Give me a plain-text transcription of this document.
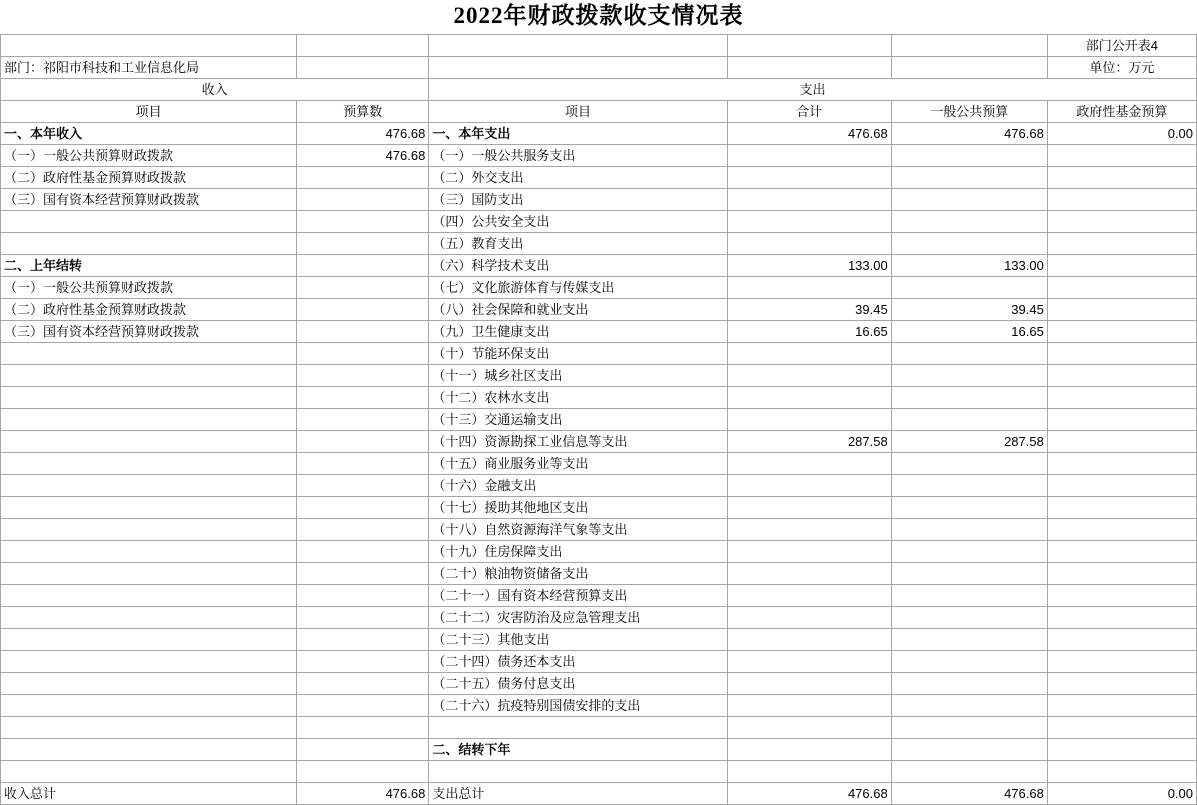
2022年财政拨款收支情况表
					部门公开表4
部门：祁阳市科技和工业信息化局					单位：万元
收入		支出			
项目	预算数	项目	合计	一般公共预算	政府性基金预算
一、本年收入	476.68	一、本年支出	476.68	476.68	0.00
（一）一般公共预算财政拨款	476.68	（一）一般公共服务支出			
（二）政府性基金预算财政拨款		（二）外交支出			
（三）国有资本经营预算财政拨款		（三）国防支出			
		（四）公共安全支出			
		（五）教育支出			
二、上年结转		（六）科学技术支出	133.00	133.00	
（一）一般公共预算财政拨款		（七）文化旅游体育与传媒支出			
（二）政府性基金预算财政拨款		（八）社会保障和就业支出	39.45	39.45	
（三）国有资本经营预算财政拨款		（九）卫生健康支出	16.65	16.65	
		（十）节能环保支出			
		（十一）城乡社区支出			
		（十二）农林水支出			
		（十三）交通运输支出			
		（十四）资源勘探工业信息等支出	287.58	287.58	
		（十五）商业服务业等支出			
		（十六）金融支出			
		（十七）援助其他地区支出			
		（十八）自然资源海洋气象等支出			
		（十九）住房保障支出			
		（二十）粮油物资储备支出			
		（二十一）国有资本经营预算支出			
		（二十二）灾害防治及应急管理支出			
		（二十三）其他支出			
		（二十四）债务还本支出			
		（二十五）债务付息支出			
		（二十六）抗疫特别国债安排的支出			

		二、结转下年			

收入总计	476.68	支出总计	476.68	476.68	0.00
